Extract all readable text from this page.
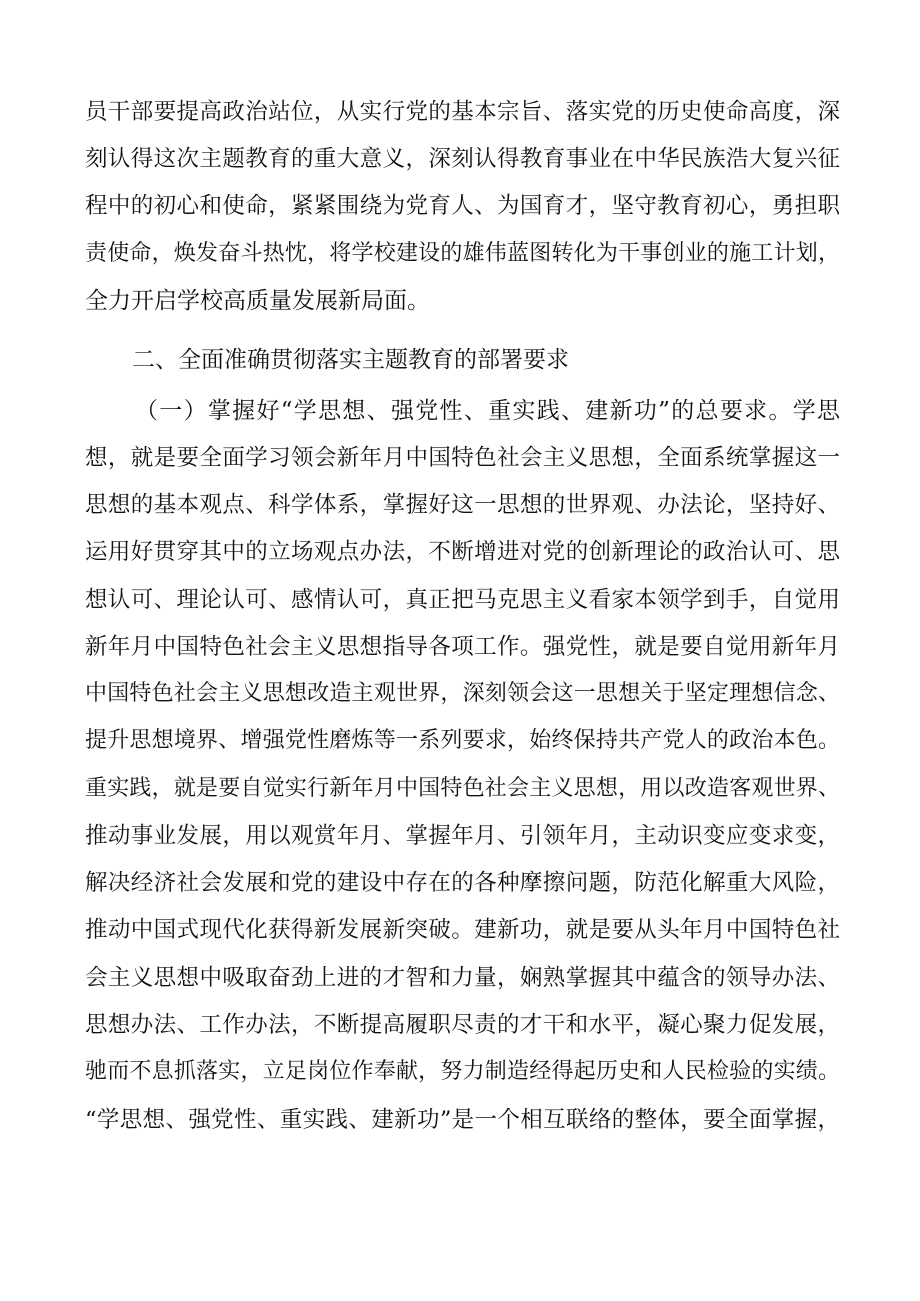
员干部要提高政治站位，从实行党的基本宗旨、落实党的历史使命高度，深
刻认得这次主题教育的重大意义，深刻认得教育事业在中华民族浩大复兴征
程中的初心和使命，紧紧围绕为党育人、为国育才，坚守教育初心，勇担职
责使命，焕发奋斗热忱，将学校建设的雄伟蓝图转化为干事创业的施工计划，
全力开启学校高质量发展新局面。
二、全面准确贯彻落实主题教育的部署要求
（一）掌握好“学思想、强党性、重实践、建新功”的总要求。学思
想，就是要全面学习领会新年月中国特色社会主义思想，全面系统掌握这一
思想的基本观点、科学体系，掌握好这一思想的世界观、办法论，坚持好、
运用好贯穿其中的立场观点办法，不断增进对党的创新理论的政治认可、思
想认可、理论认可、感情认可，真正把马克思主义看家本领学到手，自觉用
新年月中国特色社会主义思想指导各项工作。强党性，就是要自觉用新年月
中国特色社会主义思想改造主观世界，深刻领会这一思想关于坚定理想信念、
提升思想境界、增强党性磨炼等一系列要求，始终保持共产党人的政治本色。
重实践，就是要自觉实行新年月中国特色社会主义思想，用以改造客观世界、
推动事业发展，用以观赏年月、掌握年月、引领年月，主动识变应变求变，
解决经济社会发展和党的建设中存在的各种摩擦问题，防范化解重大风险，
推动中国式现代化获得新发展新突破。建新功，就是要从头年月中国特色社
会主义思想中吸取奋劲上进的才智和力量，娴熟掌握其中蕴含的领导办法、
思想办法、工作办法，不断提高履职尽责的才干和水平，凝心聚力促发展，
驰而不息抓落实，立足岗位作奉献，努力制造经得起历史和人民检验的实绩。
“学思想、强党性、重实践、建新功”是一个相互联络的整体，要全面掌握，
